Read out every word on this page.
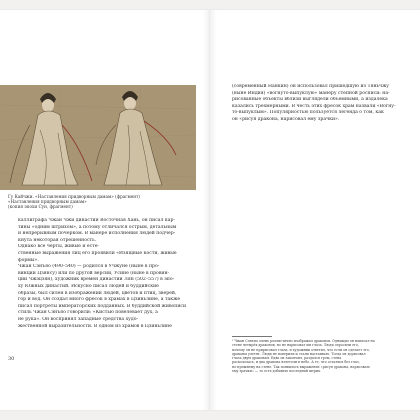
Гу Кайчжи. «Наставления придворным дамам» (фрагмент)
«Наставления придворным дамам»
(копия эпохи Сун, фрагмент)
каллиграфа Чжан Чжи династии Восточная Хань, он писал кар-
тины «одним штрихом», а потому отличался острым, детальным
и непрерывным почерком. В манере исполнения людей подчер-
кнута некоторая отрешённость.
Однако все черты, живые и есте-
ственные выражения лиц его проявили «Изящные кости, живые
формы».
Чжан Сэнъяо (490–540) — родился в Учжуне (ныне в про-
винции Цзянсу) или по другой версии, Усине (ныне в провин-
ции Чжэцзян), художник времён династии Лян (502–557) в эпо-
ху Южных династий. Искусно писал людей и буддийские
образы, был силён в изображении людей, цветов и птиц, зверей,
гор и вод. Он создал много фресок в храмах в Цзиньлине, а также
писал портреты императорских подданных. В буддийской живописи
стиль Чжан Сэнъяо говорили: «Кистью повелевает дух, а
не рука». Он воспринял западные средства худо-
жественной выразительности. В одном из храмов в Цзиньлине
30
(современный Нанкин) он использовал пришедшую из Тяньчжу
(ныне Индия) «вогнуто-выпуклую» манеру степной росписи: на-
рисованные объекты вблизи выглядели объёмными, а издалека
казались трёхмерными. В честь этих фресок храм назвали «Вогну-
то-выпуклым». Популярностью пользуется легенда о том, как
он «рисуя дракона, нарисовал ему зрачки».
¹ Чжан Сэнъяо очень реалистично изображал драконов. Однажды он написал на
стене четырёх драконов, но не нарисовал им глаза. Люди спросили его,
почему он не пририсовал глаза, и художник ответил, что если он сделает это,
драконы улетят. Люди не поверили и стали настаивать. Тогда он дорисовал
глаза двум драконам. Едва он закончил, раздался гром, стена
раскололась, и два дракона взлетели в небо. А те, что остались без глаз,
по-прежнему на стене. Так появилось выражение «рисуя дракона, нарисовать
ему зрачки» — то есть добавить последний штрих.
